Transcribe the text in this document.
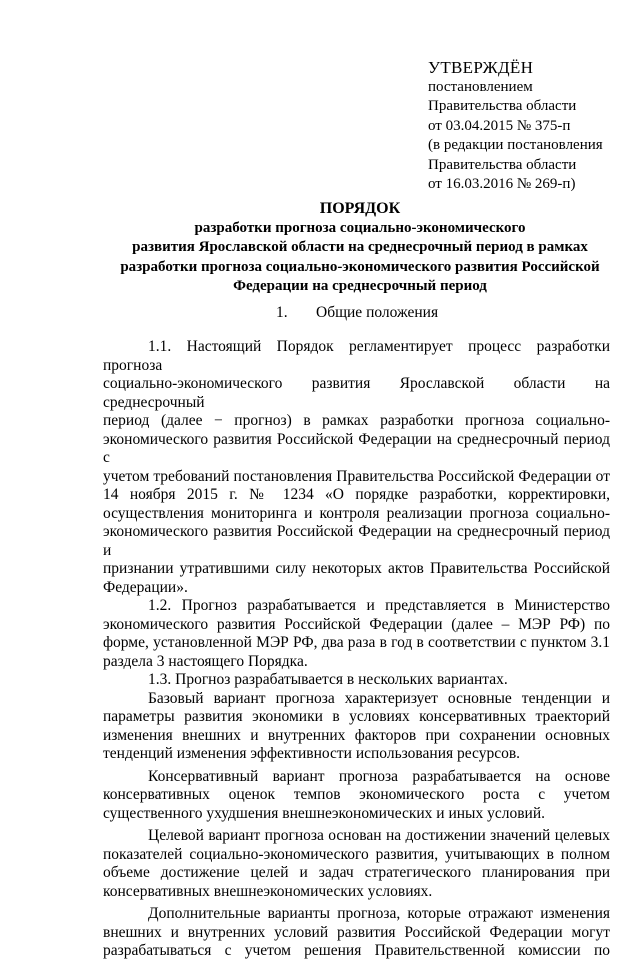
УТВЕРЖДЁН
постановлением
Правительства области
от 03.04.2015 № 375-п
(в редакции постановления
Правительства области
от 16.03.2016 № 269-п)
ПОРЯДОК
разработки прогноза социально-экономического
развития Ярославской области на среднесрочный период в рамках
разработки прогноза социально-экономического развития Российской
Федерации на среднесрочный период
1. Общие положения
1.1. Настоящий Порядок регламентирует процесс разработки прогноза
социально-экономического развития Ярославской области на среднесрочный
период (далее − прогноз) в рамках разработки прогноза социально-
экономического развития Российской Федерации на среднесрочный период с
учетом требований постановления Правительства Российской Федерации от
14 ноября 2015 г. № 1234 «О порядке разработки, корректировки,
осуществления мониторинга и контроля реализации прогноза социально-
экономического развития Российской Федерации на среднесрочный период и
признании утратившими силу некоторых актов Правительства Российской
Федерации».
1.2. Прогноз разрабатывается и представляется в Министерство
экономического развития Российской Федерации (далее – МЭР РФ) по
форме, установленной МЭР РФ, два раза в год в соответствии с пунктом 3.1
раздела 3 настоящего Порядка.
1.3. Прогноз разрабатывается в нескольких вариантах.
Базовый вариант прогноза характеризует основные тенденции и
параметры развития экономики в условиях консервативных траекторий
изменения внешних и внутренних факторов при сохранении основных
тенденций изменения эффективности использования ресурсов.
Консервативный вариант прогноза разрабатывается на основе
консервативных оценок темпов экономического роста с учетом
существенного ухудшения внешнеэкономических и иных условий.
Целевой вариант прогноза основан на достижении значений целевых
показателей социально-экономического развития, учитывающих в полном
объеме достижение целей и задач стратегического планирования при
консервативных внешнеэкономических условиях.
Дополнительные варианты прогноза, которые отражают изменения
внешних и внутренних условий развития Российской Федерации могут
разрабатываться с учетом решения Правительственной комиссии по
